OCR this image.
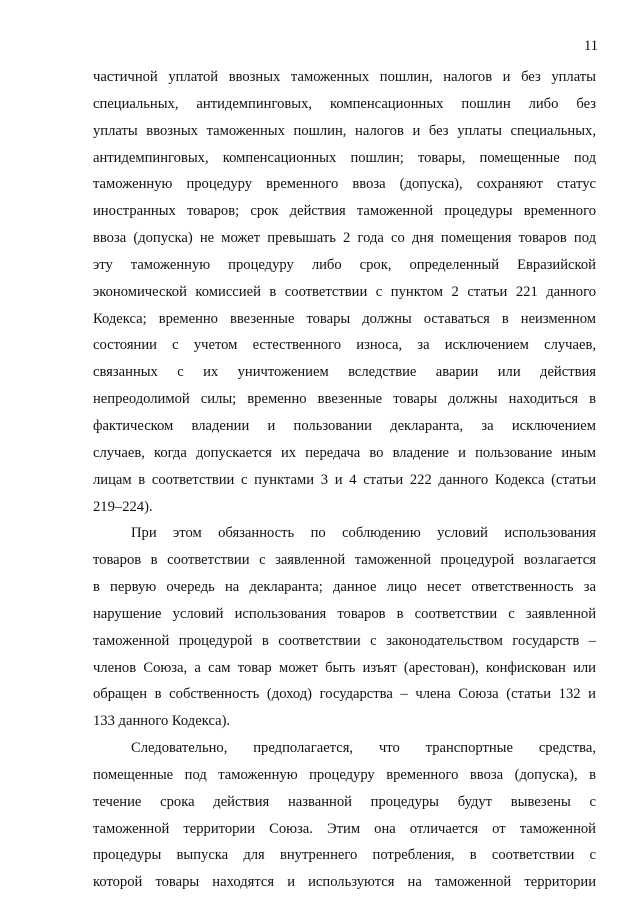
11
частичной уплатой ввозных таможенных пошлин, налогов и без уплаты
специальных, антидемпинговых, компенсационных пошлин либо без
уплаты ввозных таможенных пошлин, налогов и без уплаты специальных,
антидемпинговых, компенсационных пошлин; товары, помещенные под
таможенную процедуру временного ввоза (допуска), сохраняют статус
иностранных товаров; срок действия таможенной процедуры временного
ввоза (допуска) не может превышать 2 года со дня помещения товаров под
эту таможенную процедуру либо срок, определенный Евразийской
экономической комиссией в соответствии с пунктом 2 статьи 221 данного
Кодекса; временно ввезенные товары должны оставаться в неизменном
состоянии с учетом естественного износа, за исключением случаев,
связанных с их уничтожением вследствие аварии или действия
непреодолимой силы; временно ввезенные товары должны находиться в
фактическом владении и пользовании декларанта, за исключением
случаев, когда допускается их передача во владение и пользование иным
лицам в соответствии с пунктами 3 и 4 статьи 222 данного Кодекса (статьи
219–224).
При этом обязанность по соблюдению условий использования
товаров в соответствии с заявленной таможенной процедурой возлагается
в первую очередь на декларанта; данное лицо несет ответственность за
нарушение условий использования товаров в соответствии с заявленной
таможенной процедурой в соответствии с законодательством государств –
членов Союза, а сам товар может быть изъят (арестован), конфискован или
обращен в собственность (доход) государства – члена Союза (статьи 132 и
133 данного Кодекса).
Следовательно, предполагается, что транспортные средства,
помещенные под таможенную процедуру временного ввоза (допуска), в
течение срока действия названной процедуры будут вывезены с
таможенной территории Союза. Этим она отличается от таможенной
процедуры выпуска для внутреннего потребления, в соответствии с
которой товары находятся и используются на таможенной территории
